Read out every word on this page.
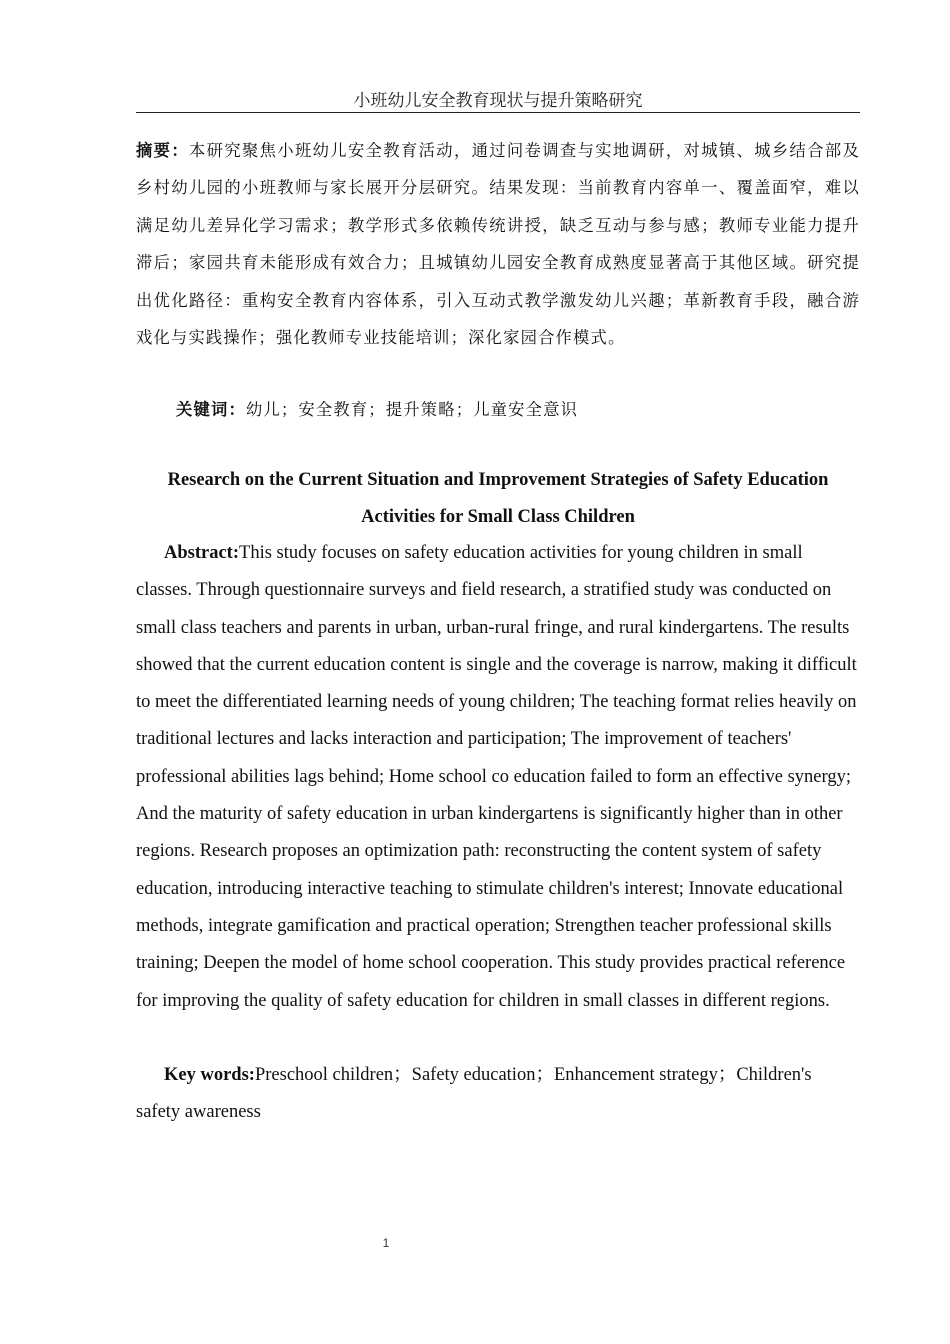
小班幼儿安全教育现状与提升策略研究

摘要：本研究聚焦小班幼儿安全教育活动，通过问卷调查与实地调研，对城镇、城乡结合部及乡村幼儿园的小班教师与家长展开分层研究。结果发现：当前教育内容单一、覆盖面窄，难以满足幼儿差异化学习需求；教学形式多依赖传统讲授，缺乏互动与参与感；教师专业能力提升滞后；家园共育未能形成有效合力；且城镇幼儿园安全教育成熟度显著高于其他区域。研究提出优化路径：重构安全教育内容体系，引入互动式教学激发幼儿兴趣；革新教育手段，融合游戏化与实践操作；强化教师专业技能培训；深化家园合作模式。

关键词：幼儿；安全教育；提升策略；儿童安全意识

Research on the Current Situation and Improvement Strategies of Safety Education Activities for Small Class Children

Abstract:This study focuses on safety education activities for young children in small classes. Through questionnaire surveys and field research, a stratified study was conducted on small class teachers and parents in urban, urban-rural fringe, and rural kindergartens. The results showed that the current education content is single and the coverage is narrow, making it difficult to meet the differentiated learning needs of young children; The teaching format relies heavily on traditional lectures and lacks interaction and participation; The improvement of teachers' professional abilities lags behind; Home school co education failed to form an effective synergy; And the maturity of safety education in urban kindergartens is significantly higher than in other regions. Research proposes an optimization path: reconstructing the content system of safety education, introducing interactive teaching to stimulate children's interest; Innovate educational methods, integrate gamification and practical operation; Strengthen teacher professional skills training; Deepen the model of home school cooperation. This study provides practical reference for improving the quality of safety education for children in small classes in different regions.

Key words:Preschool children；Safety education；Enhancement strategy；Children's safety awareness

1
